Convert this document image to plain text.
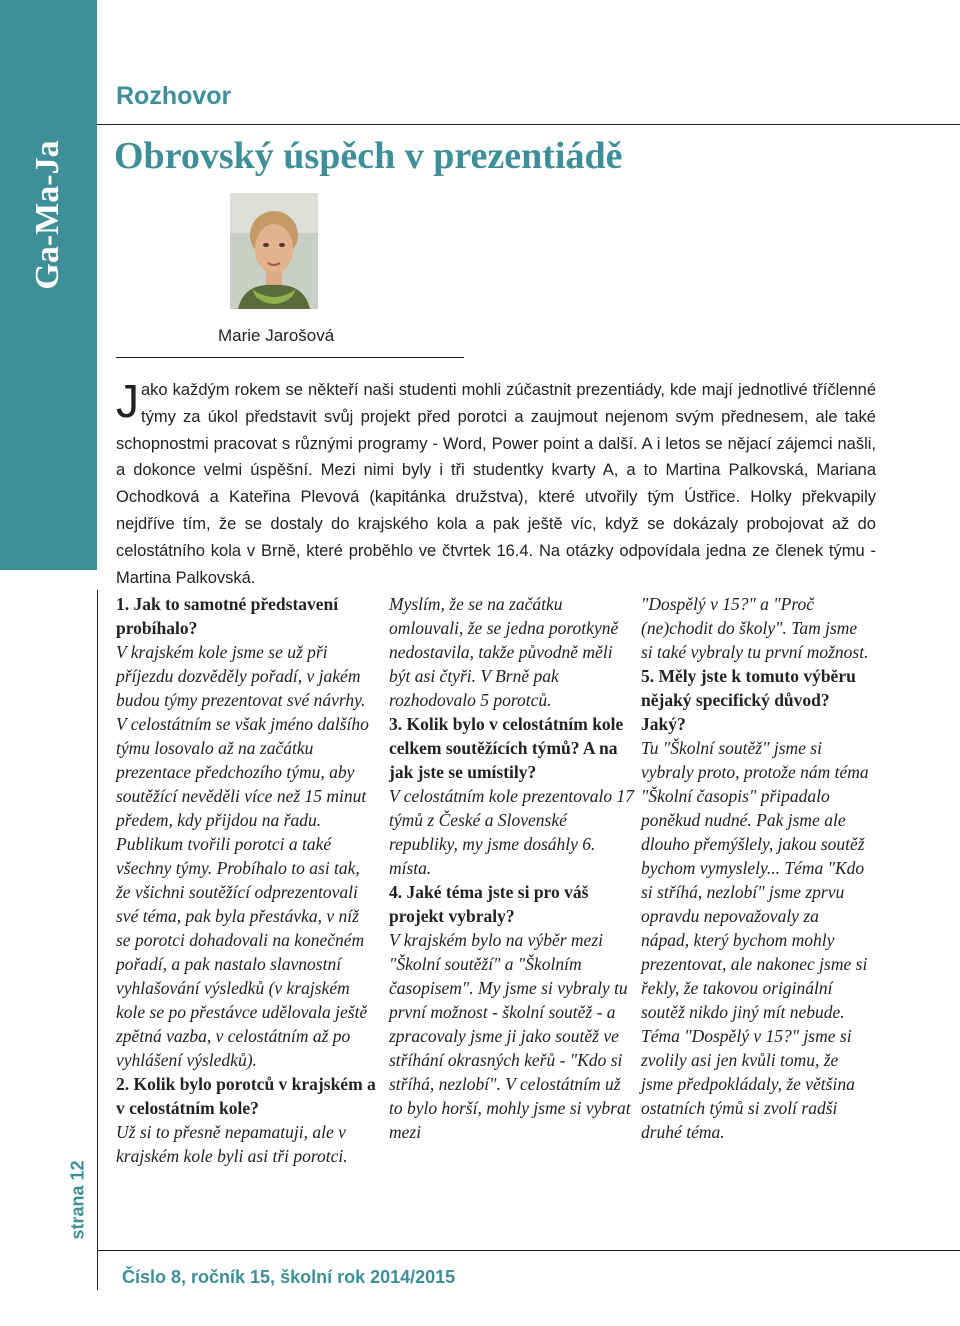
Ga-Ma-Ja
strana 12
Rozhovor
Obrovský úspěch v prezentiádě
Marie Jarošová
Jako každým rokem se někteří naši studenti mohli zúčastnit prezentiády, kde mají jednotlivé tříčlenné týmy za úkol představit svůj projekt před porotci a zaujmout nejenom svým přednesem, ale také schopnostmi pracovat s různými programy - Word, Power point a další. A i letos se nějací zájemci našli, a dokonce velmi úspěšní. Mezi nimi byly i tři studentky kvarty A, a to Martina Palkovská, Mariana Ochodková a Kateřina Plevová (kapitánka družstva), které utvořily tým Ústřice. Holky překvapily nejdříve tím, že se dostaly do krajského kola a pak ještě víc, když se dokázaly probojovat až do celostátního kola v Brně, které proběhlo ve čtvrtek 16.4. Na otázky odpovídala jedna ze členek týmu - Martina Palkovská.

1. Jak to samotné představení probíhalo?

V krajském kole jsme se už při příjezdu dozvěděly pořadí, v jakém budou týmy prezentovat své návrhy. V celostátním se však jméno dalšího týmu losovalo až na začátku prezentace předchozího týmu, aby soutěžící nevěděli více než 15 minut předem, kdy přijdou na řadu. Publikum tvořili porotci a také všechny týmy. Probíhalo to asi tak, že všichni soutěžící odprezentovali své téma, pak byla přestávka, v níž se porotci dohadovali na konečném pořadí, a pak nastalo slavnostní vyhlašování výsledků (v krajském kole se po přestávce udělovala ještě zpětná vazba, v celostátním až po vyhlášení výsledků).

2. Kolik bylo porotců v krajském a v celostátním kole?

Už si to přesně nepamatuji, ale v krajském kole byli asi tři porotci.

Myslím, že se na začátku omlouvali, že se jedna porotkyně nedostavila, takže původně měli být asi čtyři. V Brně pak rozhodovalo 5 porotců.

3. Kolik bylo v celostátním kole celkem soutěžících týmů? A na jak jste se umístily?

V celostátním kole prezentovalo 17 týmů z České a Slovenské republiky, my jsme dosáhly 6. místa.

4. Jaké téma jste si pro váš projekt vybraly?

V krajském bylo na výběr mezi "Školní soutěží" a "Školním časopisem". My jsme si vybraly tu první možnost - školní soutěž - a zpracovaly jsme ji jako soutěž ve stříhání okrasných keřů - "Kdo si stříhá, nezlobí". V celostátním už to bylo horší, mohly jsme si vybrat mezi

"Dospělý v 15?" a "Proč (ne)chodit do školy". Tam jsme si také vybraly tu první možnost.

5. Měly jste k tomuto výběru nějaký specifický důvod? Jaký?

Tu "Školní soutěž" jsme si vybraly proto, protože nám téma "Školní časopis" připadalo poněkud nudné. Pak jsme ale dlouho přemýšlely, jakou soutěž bychom vymyslely... Téma "Kdo si stříhá, nezlobí" jsme zprvu opravdu nepovažovaly za nápad, který bychom mohly prezentovat, ale nakonec jsme si řekly, že takovou originální soutěž nikdo jiný mít nebude.

Téma "Dospělý v 15?" jsme si zvolily asi jen kvůli tomu, že jsme předpokládaly, že většina ostatních týmů si zvolí radši druhé téma.

Číslo 8, ročník 15, školní rok 2014/2015
